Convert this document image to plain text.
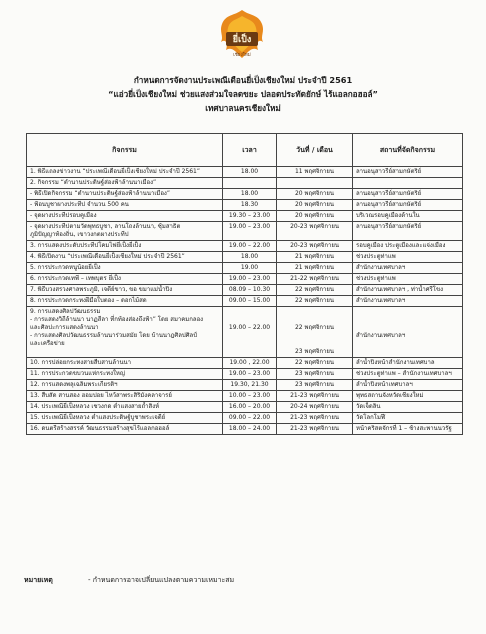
ยี่เป็ง
เชียงใหม่
กำหนดการจัดงานประเพณีเดือนยี่เป็งเชียงใหม่ ประจำปี 2561
“แอ่วยี่เป็งเชียงใหม่ ช่วยแสงส่วมใจลดขยะ ปลอดประทัดยักษ์ ไร้แอลกอฮอล์”
เทศบาลนครเชียงใหม่
กิจกรรม	เวลา	วันที่ / เดือน	สถานที่จัดกิจกรรม

1. พิธีแถลงข่าวงาน “ประเพณีเดือนยี่เป็งเชียงใหม่ ประจำปี 2561”	18.00	11 พฤศจิกายน	ลานอนุสาวรีย์สามกษัตริย์

2. กิจกรรม “ตำนานประดิษฐ์ส่องฟ้าล้านนาเมือง”			

- พิธีเปิดกิจกรรม “ตำนานประดิษฐ์ส่องฟ้าล้านนาเมือง”	18.00	20 พฤศจิกายน	ลานอนุสาวรีย์สามกษัตริย์

- ฟ้อนบูชาผางประทีป จำนวน 500 คน	18.30	20 พฤศจิกายน	ลานอนุสาวรีย์สามกษัตริย์

- จุดผางประทีปรอบคูเมือง	19.30 – 23.00	20 พฤศจิกายน	บริเวณรอบคูเมืองด้านใน

- จุดผางประทีปตามวัดพุทธบูชา, ลานโถงล้านนา, ซุ้มสาธิต
ภูมิปัญญาท้องถิ่น, เขาวงกตผางประทีป	19.00 – 23.00	20-23 พฤศจิกายน	ลานอนุสาวรีย์สามกษัตริย์

3. การแสดงประดับประทีปโคมไฟยี่เป็งยี่เป็ง	19.00 – 22.00	20-23 พฤศจิกายน	รอบคูเมือง ประตูเมืองและแจ่งเมือง

4. พิธีเปิดงาน “ประเพณีเดือนยี่เป็งเชียงใหม่ ประจำปี 2561”	18.00	21 พฤศจิกายน	ช่วงประตูท่าแพ

5. การประกวดหนูน้อยยี่เป็ง	19.00	21 พฤศจิกายน	สำนักงานเทศบาลฯ

6. การประกวดเทพี – เทพบุตร ยี่เป็ง	19.00 – 23.00	21-22 พฤศจิกายน	ช่วงประตูท่าแพ

7. พิธีบวงสรวงศาลพระภูมิ, เจดีย์ขาว, ขอ ขมาแม่น้ำปิง	08.09 – 10.30	22 พฤศจิกายน	สำนักงานเทศบาลฯ , ท่าน้ำศรีโขง

8. การประกวดกระทงฝีมือใบตอง – ดอกไม้สด	09.00 – 15.00	22 พฤศจิกายน	สำนักงานเทศบาลฯ

9. การแสดงศิลปวัฒนธรรม
- การแสดงวิถีล้านนา นาฏสีลา ที่กท้องส่องถึงฟ้า” โดย สมาคมกลอง
และศิลปะการแสดงล้านนา
- การแสดงศิลปวัฒนธรรมล้านนาร่วมสมัย โดย บ้านนาฎศิลปศิลป์
และเครือข่าย	19.00 – 22.00	22 พฤศจิกายน
23 พฤศจิกายน	สำนักงานเทศบาลฯ

10. การปล่อยกระทงสายสืบสานล้านนา	19.00 , 22.00	22 พฤศจิกายน	ลำน้ำปิงหน้าสำนักงานเทศบาล

11. การประกวดขบวนแห่กระทงใหญ่	19.00 – 23.00	23 พฤศจิกายน	ช่วงประตูท่าแพ – สำนักงานเทศบาลฯ

12. การแสดงพลุเฉลิมพระเกียรติฯ	19.30, 21.30	23 พฤศจิกายน	ลำน้ำปิงหน้าเทศบาลฯ

13. สืบสัด สานสอง ฮอมปอย ไหว้สาพระสิริมังคลาจารย์	10.00 – 23.00	21-23 พฤศจิกายน	พุทธสถานจังหวัดเชียงใหม่

14. ประเพณียี่เป็งหลวง เชวงกด ต่ำแสงสายถ้ำสิงห์	16.00 – 20.00	20-24 พฤศจิกายน	วัดเจ็ดลิน

15. ประเพณียี่เป็งหลวง ต่ำแสงประดิษฐ์บูชาพระเจดีย์	09.00 – 22.00	21-23 พฤศจิกายน	วัดโลกโมฬี

16. ดนตรีสร้างสรรค์ วัฒนธรรมสร้างสุขไร้แอลกอฮอล์	18.00 – 24.00	21-23 พฤศจิกายน	หน้าคริสตจักรที่ 1 – ช้างสะพานนวรัฐ
หมายเหตุ	- กำหนดการอาจเปลี่ยนแปลงตามความเหมาะสม
